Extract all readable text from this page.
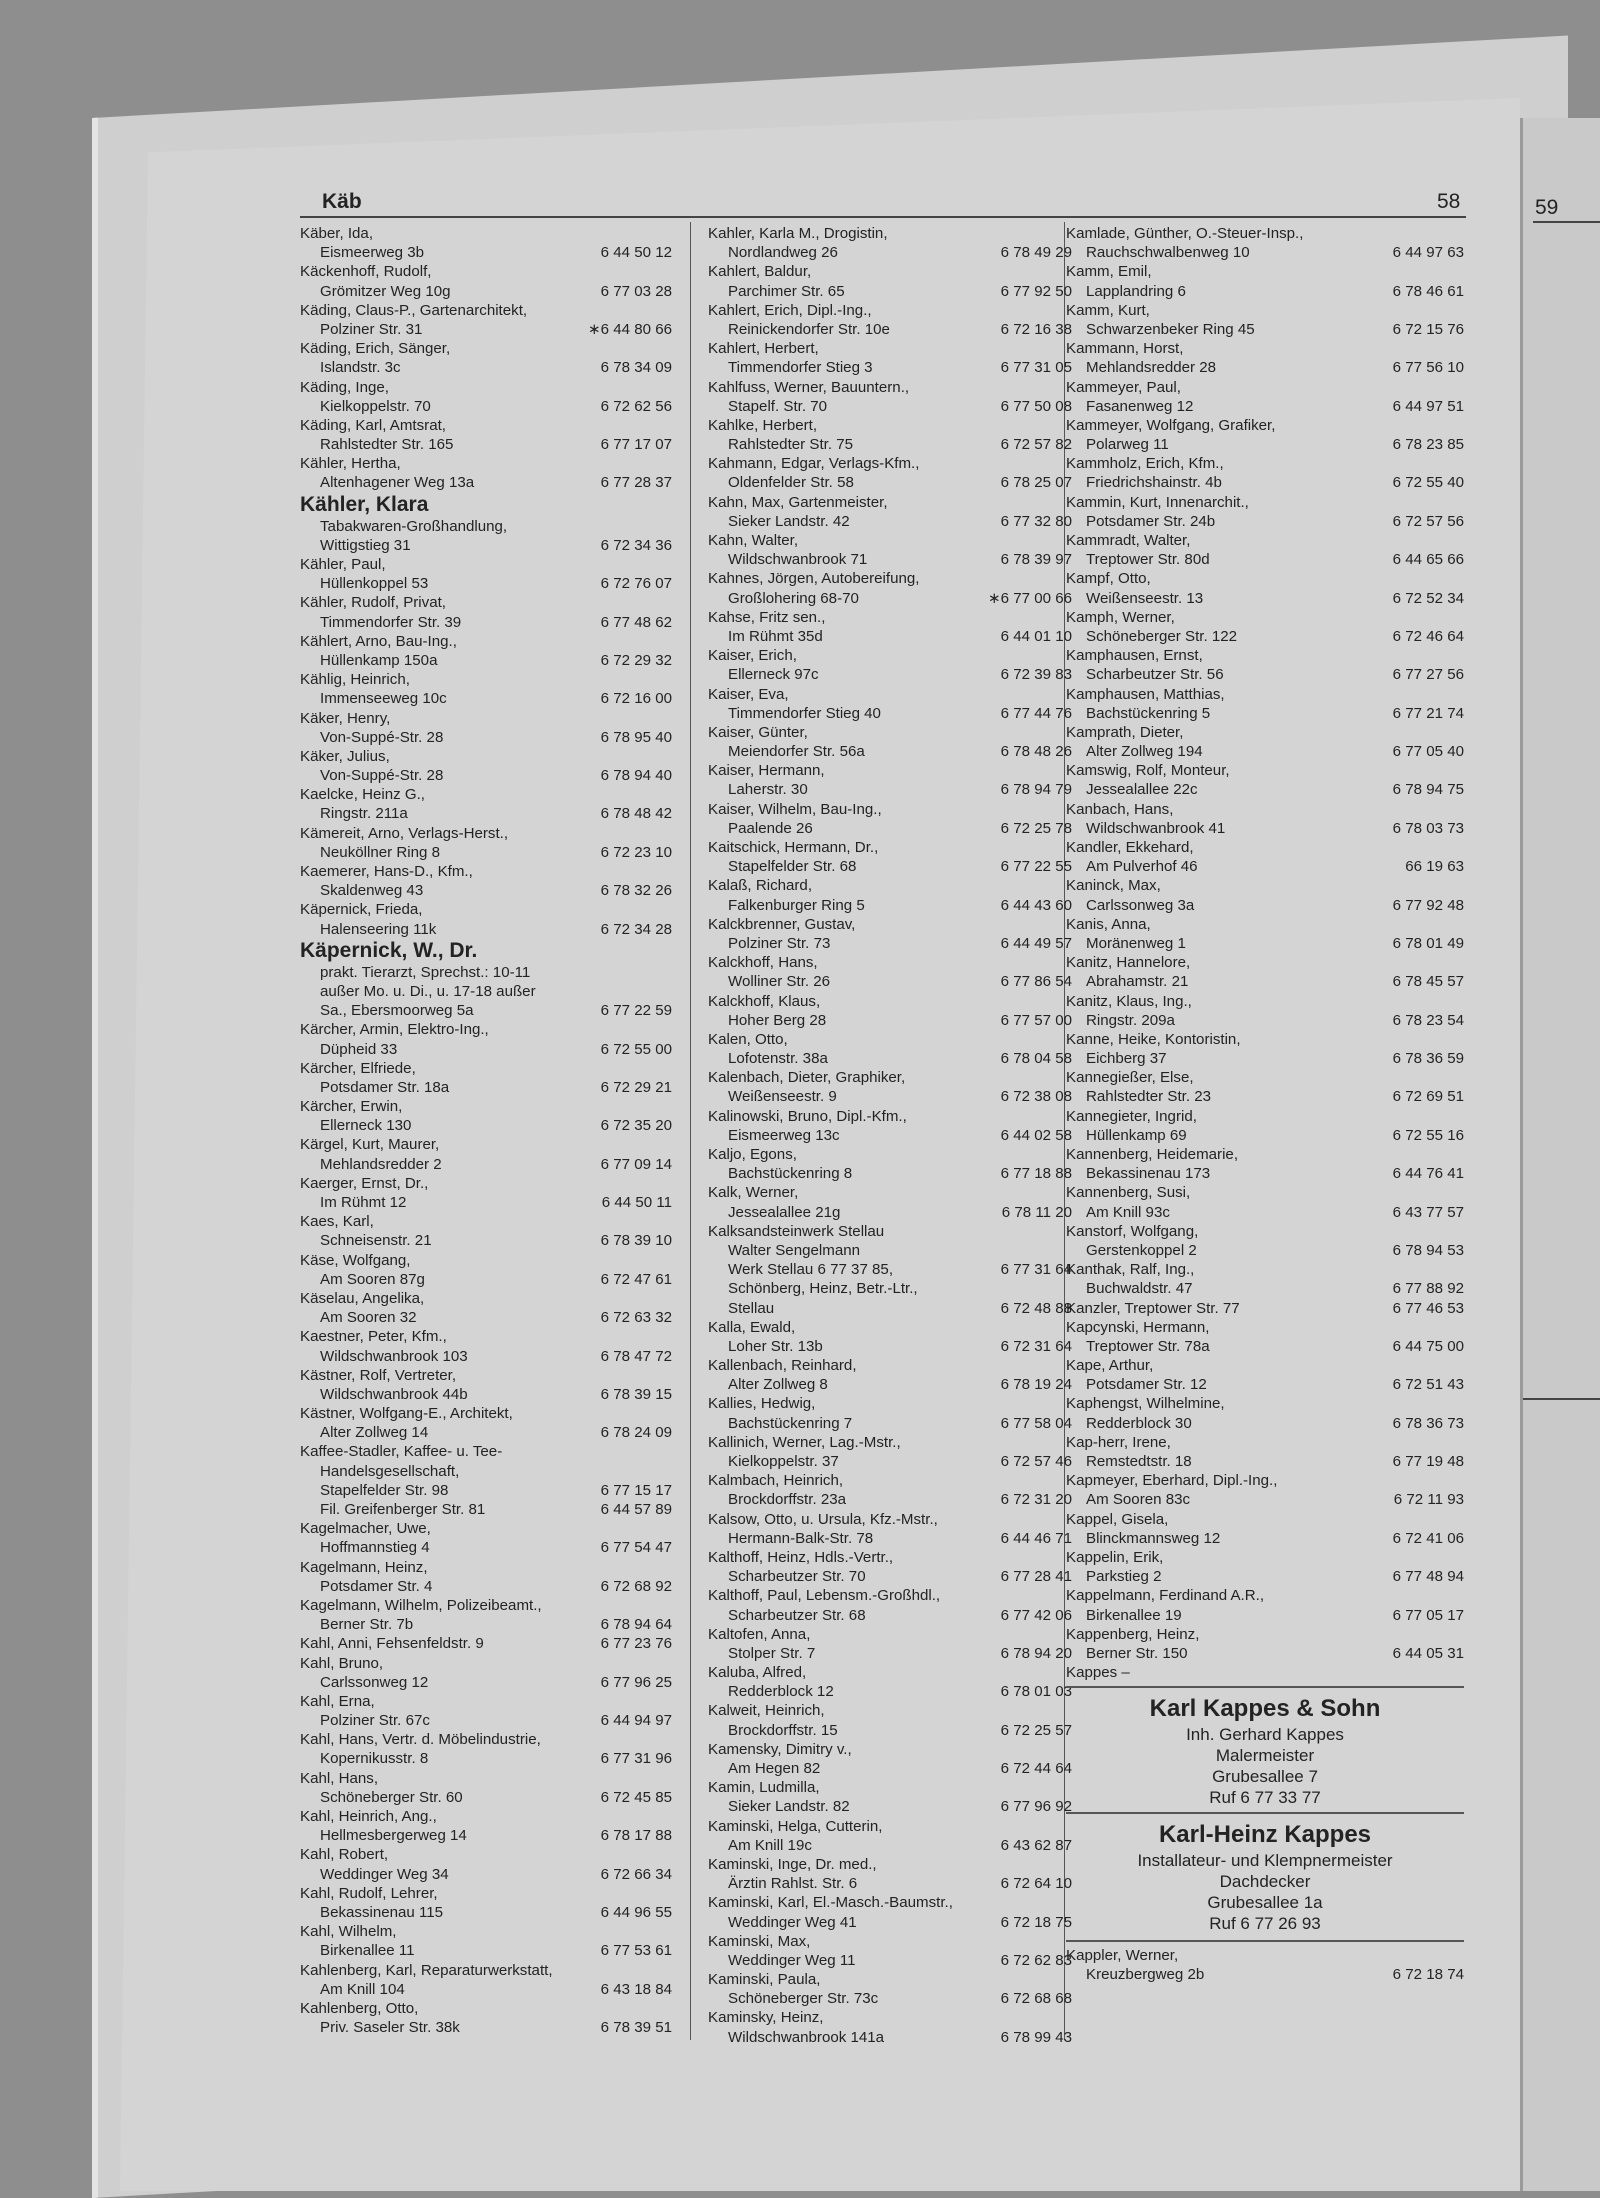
59
Käb	58
Käber, Ida,
Eismeerweg 3b	6 44 50 12
Käckenhoff, Rudolf,
Grömitzer Weg 10g	6 77 03 28
Käding, Claus-P., Gartenarchitekt,
Polziner Str. 31	∗6 44 80 66
Käding, Erich, Sänger,
Islandstr. 3c	6 78 34 09
Käding, Inge,
Kielkoppelstr. 70	6 72 62 56
Käding, Karl, Amtsrat,
Rahlstedter Str. 165	6 77 17 07
Kähler, Hertha,
Altenhagener Weg 13a	6 77 28 37
Kähler, Klara
Tabakwaren-Großhandlung,
Wittigstieg 31	6 72 34 36
Kähler, Paul,
Hüllenkoppel 53	6 72 76 07
Kähler, Rudolf, Privat,
Timmendorfer Str. 39	6 77 48 62
Kählert, Arno, Bau-Ing.,
Hüllenkamp 150a	6 72 29 32
Kählig, Heinrich,
Immenseeweg 10c	6 72 16 00
Käker, Henry,
Von-Suppé-Str. 28	6 78 95 40
Käker, Julius,
Von-Suppé-Str. 28	6 78 94 40
Kaelcke, Heinz G.,
Ringstr. 211a	6 78 48 42
Kämereit, Arno, Verlags-Herst.,
Neuköllner Ring 8	6 72 23 10
Kaemerer, Hans-D., Kfm.,
Skaldenweg 43	6 78 32 26
Käpernick, Frieda,
Halenseering 11k	6 72 34 28
Käpernick, W., Dr.
prakt. Tierarzt, Sprechst.: 10-11
außer Mo. u. Di., u. 17-18 außer
Sa., Ebersmoorweg 5a	6 77 22 59
Kärcher, Armin, Elektro-Ing.,
Düpheid 33	6 72 55 00
Kärcher, Elfriede,
Potsdamer Str. 18a	6 72 29 21
Kärcher, Erwin,
Ellerneck 130	6 72 35 20
Kärgel, Kurt, Maurer,
Mehlandsredder 2	6 77 09 14
Kaerger, Ernst, Dr.,
Im Rühmt 12	6 44 50 11
Kaes, Karl,
Schneisenstr. 21	6 78 39 10
Käse, Wolfgang,
Am Sooren 87g	6 72 47 61
Käselau, Angelika,
Am Sooren 32	6 72 63 32
Kaestner, Peter, Kfm.,
Wildschwanbrook 103	6 78 47 72
Kästner, Rolf, Vertreter,
Wildschwanbrook 44b	6 78 39 15
Kästner, Wolfgang-E., Architekt,
Alter Zollweg 14	6 78 24 09
Kaffee-Stadler, Kaffee- u. Tee-
Handelsgesellschaft,
Stapelfelder Str. 98	6 77 15 17
Fil. Greifenberger Str. 81	6 44 57 89
Kagelmacher, Uwe,
Hoffmannstieg 4	6 77 54 47
Kagelmann, Heinz,
Potsdamer Str. 4	6 72 68 92
Kagelmann, Wilhelm, Polizeibeamt.,
Berner Str. 7b	6 78 94 64
Kahl, Anni, Fehsenfeldstr. 9	6 77 23 76
Kahl, Bruno,
Carlssonweg 12	6 77 96 25
Kahl, Erna,
Polziner Str. 67c	6 44 94 97
Kahl, Hans, Vertr. d. Möbelindustrie,
Kopernikusstr. 8	6 77 31 96
Kahl, Hans,
Schöneberger Str. 60	6 72 45 85
Kahl, Heinrich, Ang.,
Hellmesbergerweg 14	6 78 17 88
Kahl, Robert,
Weddinger Weg 34	6 72 66 34
Kahl, Rudolf, Lehrer,
Bekassinenau 115	6 44 96 55
Kahl, Wilhelm,
Birkenallee 11	6 77 53 61
Kahlenberg, Karl, Reparaturwerkstatt,
Am Knill 104	6 43 18 84
Kahlenberg, Otto,
Priv. Saseler Str. 38k	6 78 39 51
Kahler, Karla M., Drogistin,
Nordlandweg 26	6 78 49 29
Kahlert, Baldur,
Parchimer Str. 65	6 77 92 50
Kahlert, Erich, Dipl.-Ing.,
Reinickendorfer Str. 10e	6 72 16 38
Kahlert, Herbert,
Timmendorfer Stieg 3	6 77 31 05
Kahlfuss, Werner, Bauuntern.,
Stapelf. Str. 70	6 77 50 08
Kahlke, Herbert,
Rahlstedter Str. 75	6 72 57 82
Kahmann, Edgar, Verlags-Kfm.,
Oldenfelder Str. 58	6 78 25 07
Kahn, Max, Gartenmeister,
Sieker Landstr. 42	6 77 32 80
Kahn, Walter,
Wildschwanbrook 71	6 78 39 97
Kahnes, Jörgen, Autobereifung,
Großlohering 68-70	∗6 77 00 66
Kahse, Fritz sen.,
Im Rühmt 35d	6 44 01 10
Kaiser, Erich,
Ellerneck 97c	6 72 39 83
Kaiser, Eva,
Timmendorfer Stieg 40	6 77 44 76
Kaiser, Günter,
Meiendorfer Str. 56a	6 78 48 26
Kaiser, Hermann,
Laherstr. 30	6 78 94 79
Kaiser, Wilhelm, Bau-Ing.,
Paalende 26	6 72 25 78
Kaitschick, Hermann, Dr.,
Stapelfelder Str. 68	6 77 22 55
Kalaß, Richard,
Falkenburger Ring 5	6 44 43 60
Kalckbrenner, Gustav,
Polziner Str. 73	6 44 49 57
Kalckhoff, Hans,
Wolliner Str. 26	6 77 86 54
Kalckhoff, Klaus,
Hoher Berg 28	6 77 57 00
Kalen, Otto,
Lofotenstr. 38a	6 78 04 58
Kalenbach, Dieter, Graphiker,
Weißenseestr. 9	6 72 38 08
Kalinowski, Bruno, Dipl.-Kfm.,
Eismeerweg 13c	6 44 02 58
Kaljo, Egons,
Bachstückenring 8	6 77 18 88
Kalk, Werner,
Jessealallee 21g	6 78 11 20
Kalksandsteinwerk Stellau
Walter Sengelmann
Werk Stellau 6 77 37 85,	6 77 31 64
Schönberg, Heinz, Betr.-Ltr.,
Stellau	6 72 48 88
Kalla, Ewald,
Loher Str. 13b	6 72 31 64
Kallenbach, Reinhard,
Alter Zollweg 8	6 78 19 24
Kallies, Hedwig,
Bachstückenring 7	6 77 58 04
Kallinich, Werner, Lag.-Mstr.,
Kielkoppelstr. 37	6 72 57 46
Kalmbach, Heinrich,
Brockdorffstr. 23a	6 72 31 20
Kalsow, Otto, u. Ursula, Kfz.-Mstr.,
Hermann-Balk-Str. 78	6 44 46 71
Kalthoff, Heinz, Hdls.-Vertr.,
Scharbeutzer Str. 70	6 77 28 41
Kalthoff, Paul, Lebensm.-Großhdl.,
Scharbeutzer Str. 68	6 77 42 06
Kaltofen, Anna,
Stolper Str. 7	6 78 94 20
Kaluba, Alfred,
Redderblock 12	6 78 01 03
Kalweit, Heinrich,
Brockdorffstr. 15	6 72 25 57
Kamensky, Dimitry v.,
Am Hegen 82	6 72 44 64
Kamin, Ludmilla,
Sieker Landstr. 82	6 77 96 92
Kaminski, Helga, Cutterin,
Am Knill 19c	6 43 62 87
Kaminski, Inge, Dr. med.,
Ärztin Rahlst. Str. 6	6 72 64 10
Kaminski, Karl, El.-Masch.-Baumstr.,
Weddinger Weg 41	6 72 18 75
Kaminski, Max,
Weddinger Weg 11	6 72 62 83
Kaminski, Paula,
Schöneberger Str. 73c	6 72 68 68
Kaminsky, Heinz,
Wildschwanbrook 141a	6 78 99 43
Kamlade, Günther, O.-Steuer-Insp.,
Rauchschwalbenweg 10	6 44 97 63
Kamm, Emil,
Lapplandring 6	6 78 46 61
Kamm, Kurt,
Schwarzenbeker Ring 45	6 72 15 76
Kammann, Horst,
Mehlandsredder 28	6 77 56 10
Kammeyer, Paul,
Fasanenweg 12	6 44 97 51
Kammeyer, Wolfgang, Grafiker,
Polarweg 11	6 78 23 85
Kammholz, Erich, Kfm.,
Friedrichshainstr. 4b	6 72 55 40
Kammin, Kurt, Innenarchit.,
Potsdamer Str. 24b	6 72 57 56
Kammradt, Walter,
Treptower Str. 80d	6 44 65 66
Kampf, Otto,
Weißenseestr. 13	6 72 52 34
Kamph, Werner,
Schöneberger Str. 122	6 72 46 64
Kamphausen, Ernst,
Scharbeutzer Str. 56	6 77 27 56
Kamphausen, Matthias,
Bachstückenring 5	6 77 21 74
Kamprath, Dieter,
Alter Zollweg 194	6 77 05 40
Kamswig, Rolf, Monteur,
Jessealallee 22c	6 78 94 75
Kanbach, Hans,
Wildschwanbrook 41	6 78 03 73
Kandler, Ekkehard,
Am Pulverhof 46	66 19 63
Kaninck, Max,
Carlssonweg 3a	6 77 92 48
Kanis, Anna,
Moränenweg 1	6 78 01 49
Kanitz, Hannelore,
Abrahamstr. 21	6 78 45 57
Kanitz, Klaus, Ing.,
Ringstr. 209a	6 78 23 54
Kanne, Heike, Kontoristin,
Eichberg 37	6 78 36 59
Kannegießer, Else,
Rahlstedter Str. 23	6 72 69 51
Kannegieter, Ingrid,
Hüllenkamp 69	6 72 55 16
Kannenberg, Heidemarie,
Bekassinenau 173	6 44 76 41
Kannenberg, Susi,
Am Knill 93c	6 43 77 57
Kanstorf, Wolfgang,
Gerstenkoppel 2	6 78 94 53
Kanthak, Ralf, Ing.,
Buchwaldstr. 47	6 77 88 92
Kanzler, Treptower Str. 77	6 77 46 53
Kapcynski, Hermann,
Treptower Str. 78a	6 44 75 00
Kape, Arthur,
Potsdamer Str. 12	6 72 51 43
Kaphengst, Wilhelmine,
Redderblock 30	6 78 36 73
Kap-herr, Irene,
Remstedtstr. 18	6 77 19 48
Kapmeyer, Eberhard, Dipl.-Ing.,
Am Sooren 83c	6 72 11 93
Kappel, Gisela,
Blinckmannsweg 12	6 72 41 06
Kappelin, Erik,
Parkstieg 2	6 77 48 94
Kappelmann, Ferdinand A.R.,
Birkenallee 19	6 77 05 17
Kappenberg, Heinz,
Berner Str. 150	6 44 05 31
Kappes –
Karl Kappes & Sohn
Inh. Gerhard Kappes
Malermeister
Grubesallee 7
Ruf 6 77 33 77
Karl-Heinz Kappes
Installateur- und Klempnermeister
Dachdecker
Grubesallee 1a
Ruf 6 77 26 93
Kappler, Werner,
Kreuzbergweg 2b	6 72 18 74
